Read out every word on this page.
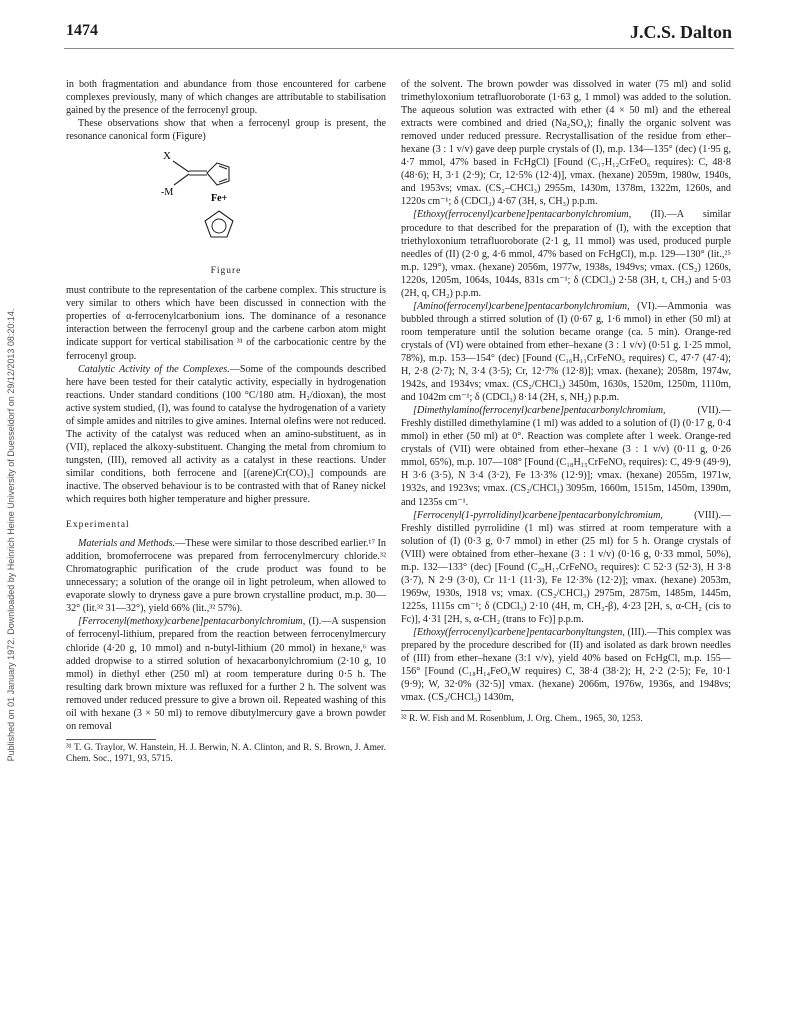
Published on 01 January 1972. Downloaded by Heinrich Heine University of Duesseldorf on 29/12/2013 08:20:14.
1474	J.C.S. Dalton

in both fragmentation and abundance from those encountered for carbene complexes previously, many of which changes are attributable to stabilisation gained by the presence of the ferrocenyl group.

These observations show that when a ferrocenyl group is present, the resonance canonical form (Figure)

X
-M
Fe+
Figure

must contribute to the representation of the carbene complex. This structure is very similar to others which have been discussed in connection with the properties of α-ferrocenylcarbonium ions. The dominance of a resonance interaction between the ferrocenyl group and the carbene carbon atom might indicate support for vertical stabilisation ³¹ of the carbocationic centre by the ferrocenyl group.

Catalytic Activity of the Complexes.—Some of the compounds described here have been tested for their catalytic activity, especially in hydrogenation reactions. Under standard conditions (100 °C/180 atm. H₂/dioxan), the most active system studied, (I), was found to catalyse the hydrogenation of a variety of simple amides and nitriles to give amines. Internal olefins were not reduced. The activity of the catalyst was reduced when an amino-substituent, as in (VII), replaced the alkoxy-substituent. Changing the metal from chromium to tungsten, (III), removed all activity as a catalyst in these reactions. Under similar conditions, both ferrocene and [(arene)Cr(CO)₃] compounds are inactive. The observed behaviour is to be contrasted with that of Raney nickel which requires both higher temperature and higher pressure.

Experimental

Materials and Methods.—These were similar to those described earlier.¹⁷ In addition, bromoferrocene was prepared from ferrocenylmercury chloride.³² Chromatographic purification of the crude product was found to be unnecessary; a solution of the orange oil in light petroleum, when allowed to evaporate slowly to dryness gave a pure brown crystalline product, m.p. 30—32° (lit.³² 31—32°), yield 66% (lit.,³² 57%).

[Ferrocenyl(methoxy)carbene]pentacarbonylchromium, (I).—A suspension of ferrocenyl-lithium, prepared from the reaction between ferrocenylmercury chloride (4·20 g, 10 mmol) and n-butyl-lithium (20 mmol) in hexane,⁶ was added dropwise to a stirred solution of hexacarbonylchromium (2·10 g, 10 mmol) in diethyl ether (250 ml) at room temperature during 0·5 h. The resulting dark brown mixture was refluxed for a further 2 h. The solvent was removed under reduced pressure to give a brown oil. Repeated washing of this oil with hexane (3 × 50 ml) to remove dibutylmercury gave a brown powder on removal

³¹ T. G. Traylor, W. Hanstein, H. J. Berwin, N. A. Clinton, and R. S. Brown, J. Amer. Chem. Soc., 1971, 93, 5715.

of the solvent. The brown powder was dissolved in water (75 ml) and solid trimethyloxonium tetrafluoroborate (1·63 g, 1 mmol) was added to the solution. The aqueous solution was extracted with ether (4 × 50 ml) and the ethereal extracts were combined and dried (Na₂SO₄); finally the organic solvent was removed under reduced pressure. Recrystallisation of the residue from ether–hexane (3 : 1 v/v) gave deep purple crystals of (I), m.p. 134—135° (dec) (1·95 g, 4·7 mmol, 47% based in FcHgCl) [Found (C₁₇H₁₂CrFeO₆ requires): C, 48·8 (48·6); H, 3·1 (2·9); Cr, 12·5% (12·4)], νmax. (hexane) 2059m, 1980w, 1940s, and 1953vs; νmax. (CS₂–CHCl₃) 2955m, 1430m, 1378m, 1322m, 1260s, and 1220s cm⁻¹; δ (CDCl₃) 4·67 (3H, s, CH₃) p.p.m.

[Ethoxy(ferrocenyl)carbene]pentacarbonylchromium, (II).—A similar procedure to that described for the preparation of (I), with the exception that triethyloxonium tetrafluoroborate (2·1 g, 11 mmol) was used, produced purple needles of (II) (2·0 g, 4·6 mmol, 47% based on FcHgCl), m.p. 129—130° (lit.,²⁵ m.p. 129°), νmax. (hexane) 2056m, 1977w, 1938s, 1949vs; νmax. (CS₂) 1260s, 1220s, 1205m, 1064s, 1044s, 831s cm⁻¹; δ (CDCl₃) 2·58 (3H, t, CH₃) and 5·03 (2H, q, CH₂) p.p.m.

[Amino(ferrocenyl)carbene]pentacarbonylchromium, (VI).—Ammonia was bubbled through a stirred solution of (I) (0·67 g, 1·6 mmol) in ether (50 ml) at room temperature until the solution became orange (ca. 5 min). Orange-red crystals of (VI) were obtained from ether–hexane (3 : 1 v/v) (0·51 g. 1·25 mmol, 78%), m.p. 153—154° (dec) [Found (C₁₆H₁₁CrFeNO₅ requires) C, 47·7 (47·4); H, 2·8 (2·7); N, 3·4 (3·5); Cr, 12·7% (12·8)]; νmax. (hexane); 2058m, 1974w, 1942s, and 1934vs; νmax. (CS₂/CHCl₃) 3450m, 1630s, 1520m, 1250m, 1110m, and 1042m cm⁻¹; δ (CDCl₃) 8·14 (2H, s, NH₂) p.p.m.

[Dimethylamino(ferrocenyl)carbene]pentacarbonylchromium, (VII).—Freshly distilled dimethylamine (1 ml) was added to a solution of (I) (0·17 g, 0·4 mmol) in ether (50 ml) at 0°. Reaction was complete after 1 week. Orange-red crystals of (VII) were obtained from ether–hexane (3 : 1 v/v) (0·11 g, 0·26 mmol, 65%), m.p. 107—108° [Found (C₁₈H₁₅CrFeNO₅ requires): C, 49·9 (49·9), H 3·6 (3·5), N 3·4 (3·2), Fe 13·3% (12·9)]; νmax. (hexane) 2055m, 1971w, 1932s, and 1923vs; νmax. (CS₂/CHCl₃) 3095m, 1660m, 1515m, 1450m, 1390m, and 1235s cm⁻¹.

[Ferrocenyl(1-pyrrolidinyl)carbene]pentacarbonylchromium, (VIII).—Freshly distilled pyrrolidine (1 ml) was stirred at room temperature with a solution of (I) (0·3 g, 0·7 mmol) in ether (25 ml) for 5 h. Orange crystals of (VIII) were obtained from ether–hexane (3 : 1 v/v) (0·16 g, 0·33 mmol, 50%), m.p. 132—133° (dec) [Found (C₂₀H₁₇CrFeNO₅ requires): C 52·3 (52·3), H 3·8 (3·7), N 2·9 (3·0), Cr 11·1 (11·3), Fe 12·3% (12·2)]; νmax. (hexane) 2053m, 1969w, 1930s, 1918 vs; νmax. (CS₂/CHCl₃) 2975m, 2875m, 1485m, 1445m, 1225s, 1115s cm⁻¹; δ (CDCl₃) 2·10 (4H, m, CH₂-β), 4·23 [2H, s, α-CH₂ (cis to Fc)], 4·31 [2H, s, α-CH₂ (trans to Fc)] p.p.m.

[Ethoxy(ferrocenyl)carbene]pentacarbonyltungsten, (III).—This complex was prepared by the procedure described for (II) and isolated as dark brown needles of (III) from ether–hexane (3:1 v/v), yield 40% based on FcHgCl, m.p. 155—156° [Found (C₁₈H₁₄FeO₆W requires) C, 38·4 (38·2); H, 2·2 (2·5); Fe, 10·1 (9·9); W, 32·0% (32·5)] νmax. (hexane) 2066m, 1976w, 1936s, and 1948vs; νmax. (CS₂/CHCl₃) 1430m,

³² R. W. Fish and M. Rosenblum, J. Org. Chem., 1965, 30, 1253.
